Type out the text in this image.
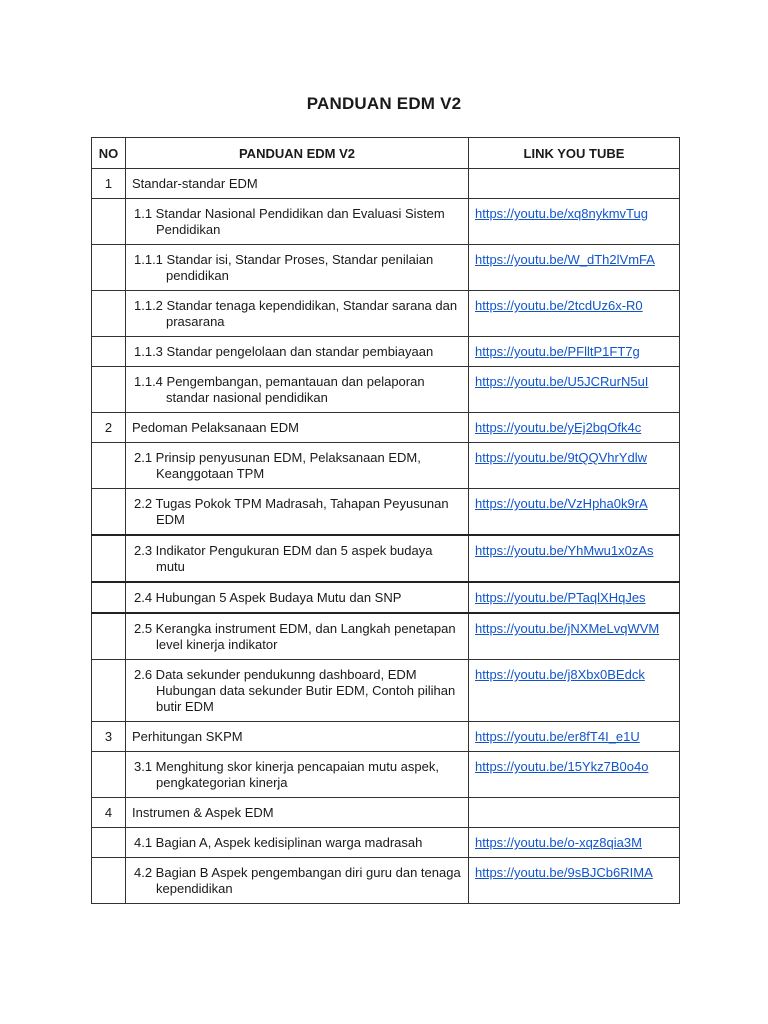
PANDUAN EDM V2
NO	PANDUAN EDM V2	LINK YOU TUBE
1	Standar-standar EDM	

	1.1 Standar Nasional Pendidikan dan Evaluasi Sistem Pendidikan	https://youtu.be/xq8nykmvTug

	1.1.1 Standar isi, Standar Proses, Standar penilaian pendidikan	https://youtu.be/W_dTh2lVmFA

	1.1.2 Standar tenaga kependidikan, Standar sarana dan prasarana	https://youtu.be/2tcdUz6x-R0

	1.1.3 Standar pengelolaan dan standar pembiayaan	https://youtu.be/PFlltP1FT7g

	1.1.4 Pengembangan, pemantauan dan pelaporan standar nasional pendidikan	https://youtu.be/U5JCRurN5uI
2	Pedoman Pelaksanaan EDM	https://youtu.be/yEj2bqOfk4c

	2.1 Prinsip penyusunan EDM, Pelaksanaan EDM, Keanggotaan TPM	https://youtu.be/9tQQVhrYdlw

	2.2 Tugas Pokok TPM Madrasah, Tahapan Peyusunan EDM	https://youtu.be/VzHpha0k9rA

	2.3 Indikator Pengukuran EDM dan 5 aspek budaya mutu	https://youtu.be/YhMwu1x0zAs

	2.4 Hubungan 5 Aspek Budaya Mutu dan SNP	https://youtu.be/PTaqlXHqJes

	2.5 Kerangka instrument EDM, dan Langkah penetapan level kinerja indikator	https://youtu.be/jNXMeLvqWVM

	2.6 Data sekunder pendukunng dashboard, EDM Hubungan data sekunder Butir EDM, Contoh pilihan butir EDM	https://youtu.be/j8Xbx0BEdck
3	Perhitungan SKPM	https://youtu.be/er8fT4I_e1U

	3.1 Menghitung skor kinerja pencapaian mutu aspek, pengkategorian kinerja	https://youtu.be/15Ykz7B0o4o
4	Instrumen & Aspek EDM	

	4.1 Bagian A, Aspek kedisiplinan warga madrasah	https://youtu.be/o-xqz8qia3M

	4.2 Bagian B Aspek pengembangan diri guru dan tenaga kependidikan	https://youtu.be/9sBJCb6RIMA
